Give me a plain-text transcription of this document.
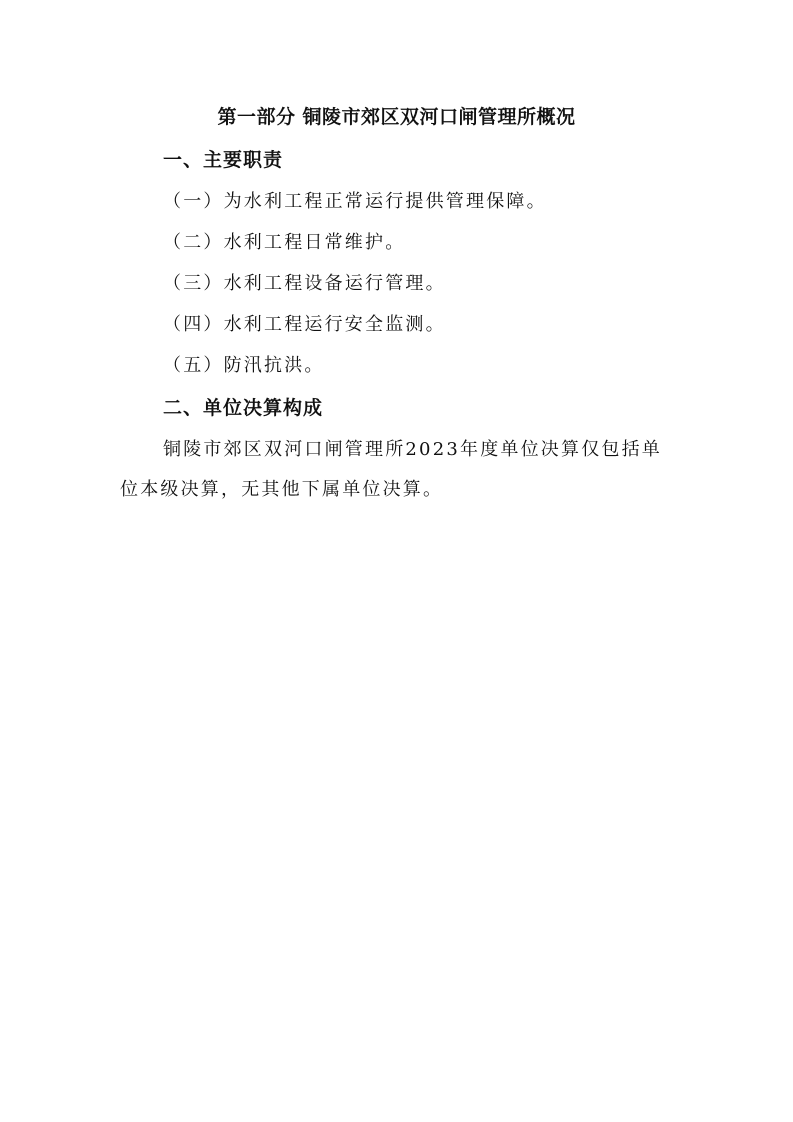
第一部分 铜陵市郊区双河口闸管理所概况
一、主要职责
（一）为水利工程正常运行提供管理保障。
（二）水利工程日常维护。
（三）水利工程设备运行管理。
（四）水利工程运行安全监测。
（五）防汛抗洪。
二、单位决算构成
铜陵市郊区双河口闸管理所2023年度单位决算仅包括单位本级决算，无其他下属单位决算。
